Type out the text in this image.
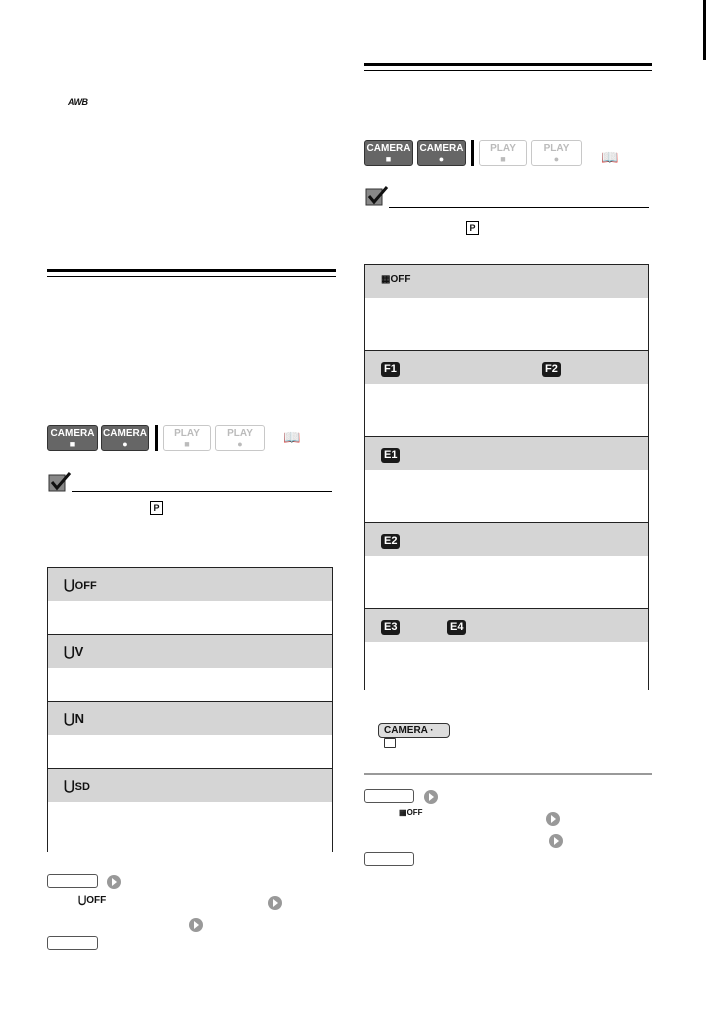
AWB
CAMERA
■
CAMERA
●
PLAY
■
PLAY
●	📖
P
⋃OFF
⋃V
⋃N
⋃SD
⋃OFF
CAMERA
■
CAMERA
●
PLAY
■
PLAY
●	📖
P
▦OFF
F1	F2
E1
E2
E3	E4
CAMERA ·
▦OFF
